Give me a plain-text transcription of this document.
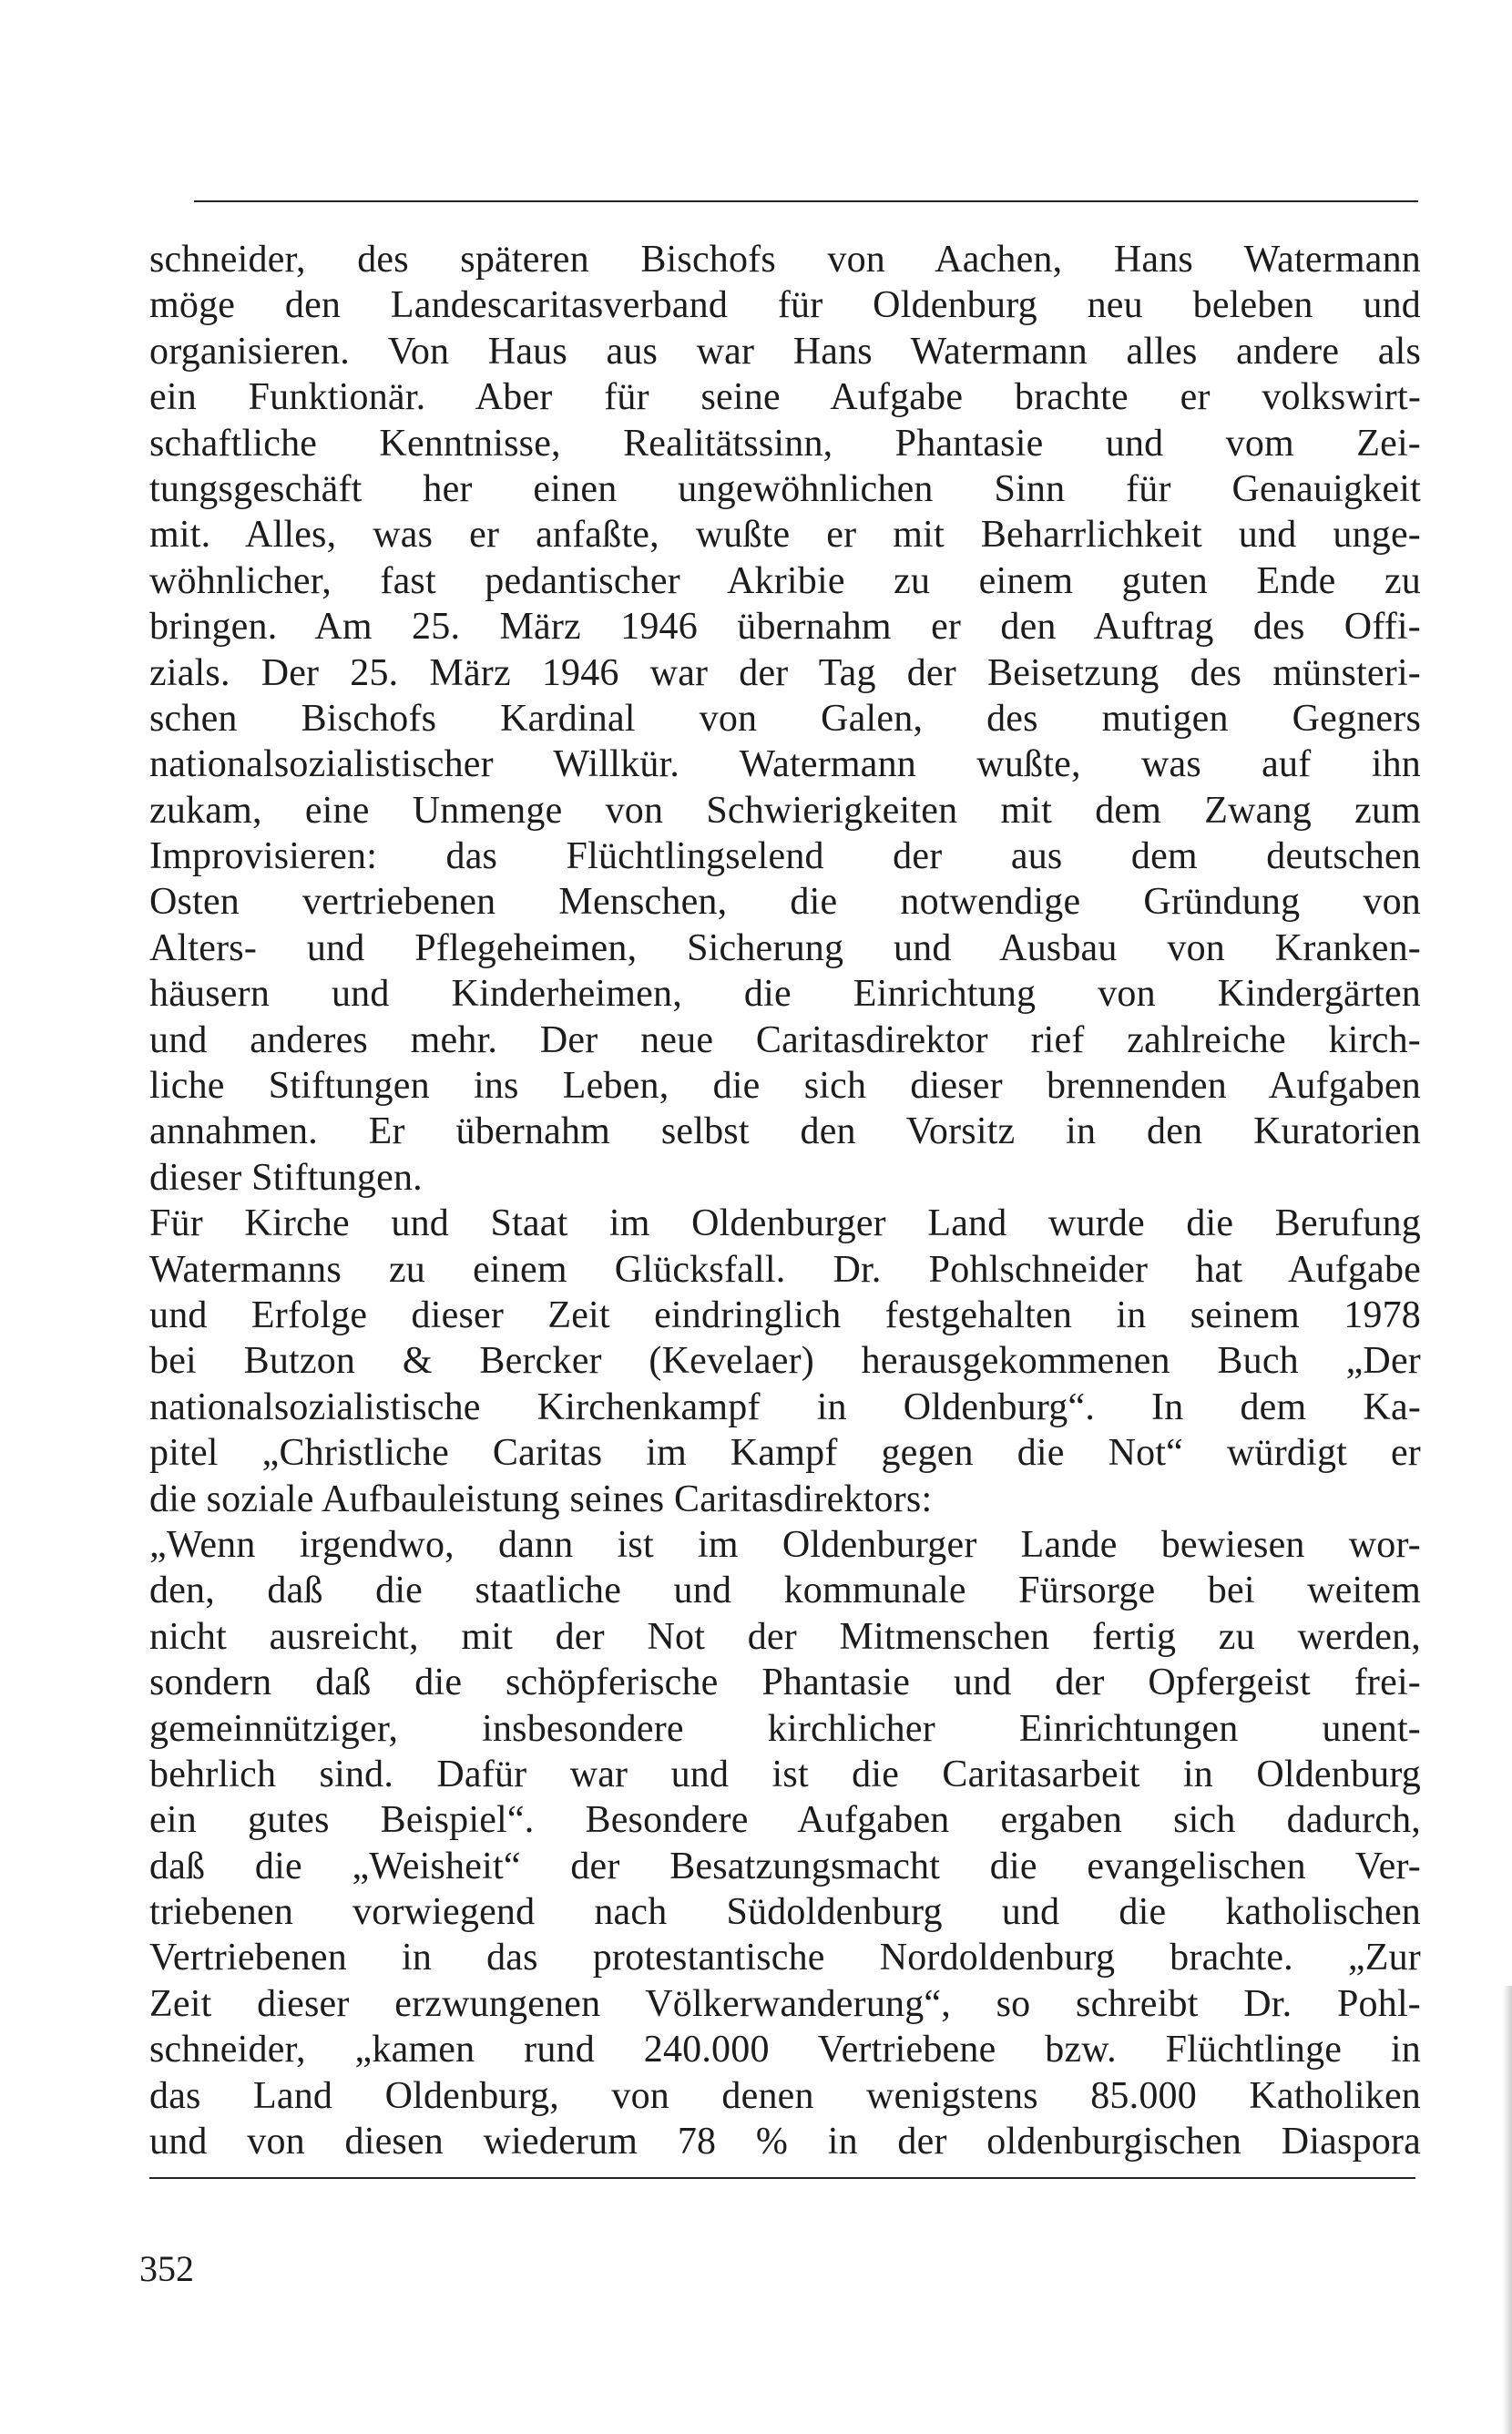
schneider, des späteren Bischofs von Aachen, Hans Watermann
möge den Landescaritasverband für Oldenburg neu beleben und
organisieren. Von Haus aus war Hans Watermann alles andere als
ein Funktionär. Aber für seine Aufgabe brachte er volkswirt-
schaftliche Kenntnisse, Realitätssinn, Phantasie und vom Zei-
tungsgeschäft her einen ungewöhnlichen Sinn für Genauigkeit
mit. Alles, was er anfaßte, wußte er mit Beharrlichkeit und unge-
wöhnlicher, fast pedantischer Akribie zu einem guten Ende zu
bringen. Am 25. März 1946 übernahm er den Auftrag des Offi-
zials. Der 25. März 1946 war der Tag der Beisetzung des münsteri-
schen Bischofs Kardinal von Galen, des mutigen Gegners
nationalsozialistischer Willkür. Watermann wußte, was auf ihn
zukam, eine Unmenge von Schwierigkeiten mit dem Zwang zum
Improvisieren: das Flüchtlingselend der aus dem deutschen
Osten vertriebenen Menschen, die notwendige Gründung von
Alters- und Pflegeheimen, Sicherung und Ausbau von Kranken-
häusern und Kinderheimen, die Einrichtung von Kindergärten
und anderes mehr. Der neue Caritasdirektor rief zahlreiche kirch-
liche Stiftungen ins Leben, die sich dieser brennenden Aufgaben
annahmen. Er übernahm selbst den Vorsitz in den Kuratorien
dieser Stiftungen.
Für Kirche und Staat im Oldenburger Land wurde die Berufung
Watermanns zu einem Glücksfall. Dr. Pohlschneider hat Aufgabe
und Erfolge dieser Zeit eindringlich festgehalten in seinem 1978
bei Butzon & Bercker (Kevelaer) herausgekommenen Buch „Der
nationalsozialistische Kirchenkampf in Oldenburg“. In dem Ka-
pitel „Christliche Caritas im Kampf gegen die Not“ würdigt er
die soziale Aufbauleistung seines Caritasdirektors:
„Wenn irgendwo, dann ist im Oldenburger Lande bewiesen wor-
den, daß die staatliche und kommunale Fürsorge bei weitem
nicht ausreicht, mit der Not der Mitmenschen fertig zu werden,
sondern daß die schöpferische Phantasie und der Opfergeist frei-
gemeinnütziger, insbesondere kirchlicher Einrichtungen unent-
behrlich sind. Dafür war und ist die Caritasarbeit in Oldenburg
ein gutes Beispiel“. Besondere Aufgaben ergaben sich dadurch,
daß die „Weisheit“ der Besatzungsmacht die evangelischen Ver-
triebenen vorwiegend nach Südoldenburg und die katholischen
Vertriebenen in das protestantische Nordoldenburg brachte. „Zur
Zeit dieser erzwungenen Völkerwanderung“, so schreibt Dr. Pohl-
schneider, „kamen rund 240.000 Vertriebene bzw. Flüchtlinge in
das Land Oldenburg, von denen wenigstens 85.000 Katholiken
und von diesen wiederum 78 % in der oldenburgischen Diaspora
352
